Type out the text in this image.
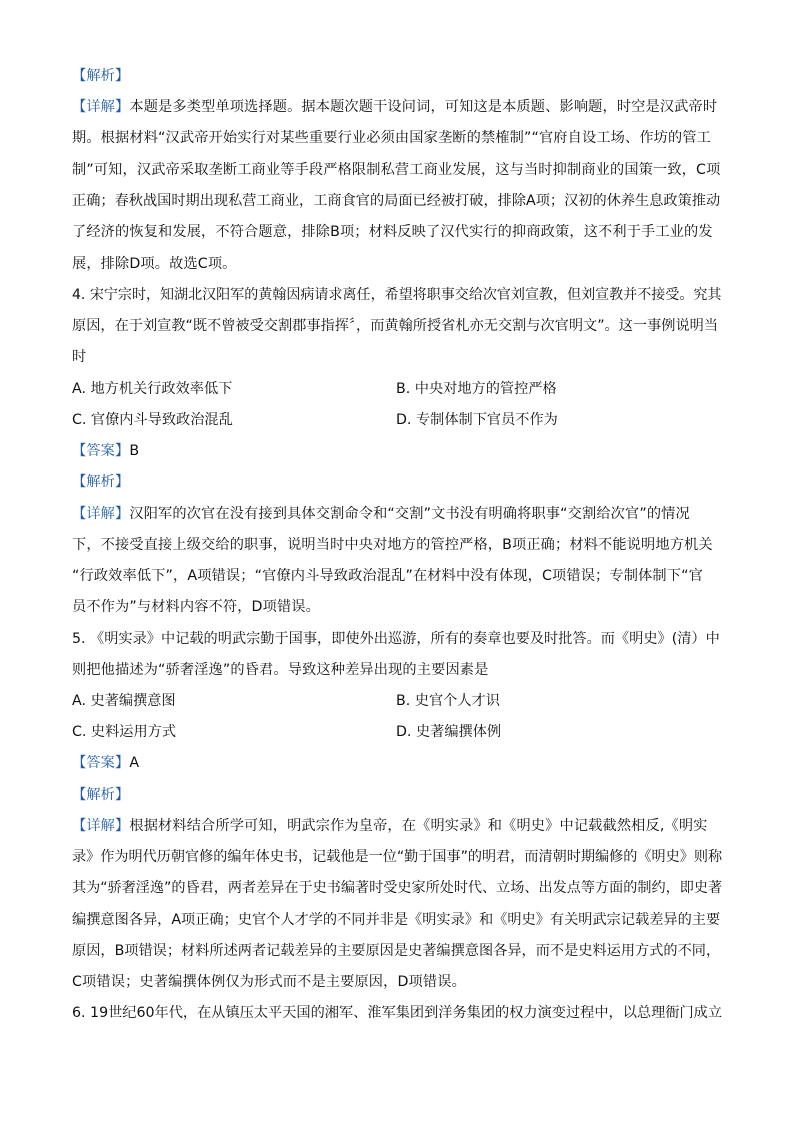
【解析】
【详解】本题是多类型单项选择题。据本题次题干设问词，可知这是本质题、影响题，时空是汉武帝时
期。根据材料“汉武帝开始实行对某些重要行业必须由国家垄断的禁榷制”“官府自设工场、作坊的管工
制”可知，汉武帝采取垄断工商业等手段严格限制私营工商业发展，这与当时抑制商业的国策一致，C项
正确；春秋战国时期出现私营工商业，工商食官的局面已经被打破，排除A项；汉初的休养生息政策推动
了经济的恢复和发展，不符合题意，排除B项；材料反映了汉代实行的抑商政策，这不利于手工业的发
展，排除D项。故选C项。
4. 宋宁宗时，知湖北汉阳军的黄翰因病请求离任，希望将职事交给次官刘宣教，但刘宣教并不接受。究其
原因，在于刘宣教“既不曾被受交割郡事指挥〞，而黄翰所授省札亦无交割与次官明文”。这一事例说明当
时
A. 地方机关行政效率低下	B. 中央对地方的管控严格
C. 官僚内斗导致政治混乱	D. 专制体制下官员不作为
【答案】B
【解析】
【详解】汉阳军的次官在没有接到具体交割命令和“交割”文书没有明确将职事“交割给次官”的情况
下，不接受直接上级交给的职事，说明当时中央对地方的管控严格，B项正确；材料不能说明地方机关
“行政效率低下”，A项错误；“官僚内斗导致政治混乱”在材料中没有体现，C项错误；专制体制下“官
员不作为”与材料内容不符，D项错误。
5. 《明实录》中记载的明武宗勤于国事，即使外出巡游，所有的奏章也要及时批答。而《明史》(清）中
则把他描述为“骄奢淫逸”的昏君。导致这种差异出现的主要因素是
A. 史著编撰意图	B. 史官个人才识
C. 史料运用方式	D. 史著编撰体例
【答案】A
【解析】
【详解】根据材料结合所学可知，明武宗作为皇帝，在《明实录》和《明史》中记载截然相反,《明实
录》作为明代历朝官修的编年体史书，记载他是一位“勤于国事”的明君，而清朝时期编修的《明史》则称
其为“骄奢淫逸”的昏君，两者差异在于史书编著时受史家所处时代、立场、出发点等方面的制约，即史著
编撰意图各异，A项正确；史官个人才学的不同并非是《明实录》和《明史》有关明武宗记载差异的主要
原因，B项错误；材料所述两者记载差异的主要原因是史著编撰意图各异，而不是史料运用方式的不同，
C项错误；史著编撰体例仅为形式而不是主要原因，D项错误。
6. 19世纪60年代，在从镇压太平天国的湘军、淮军集团到洋务集团的权力演变过程中，以总理衙门成立
